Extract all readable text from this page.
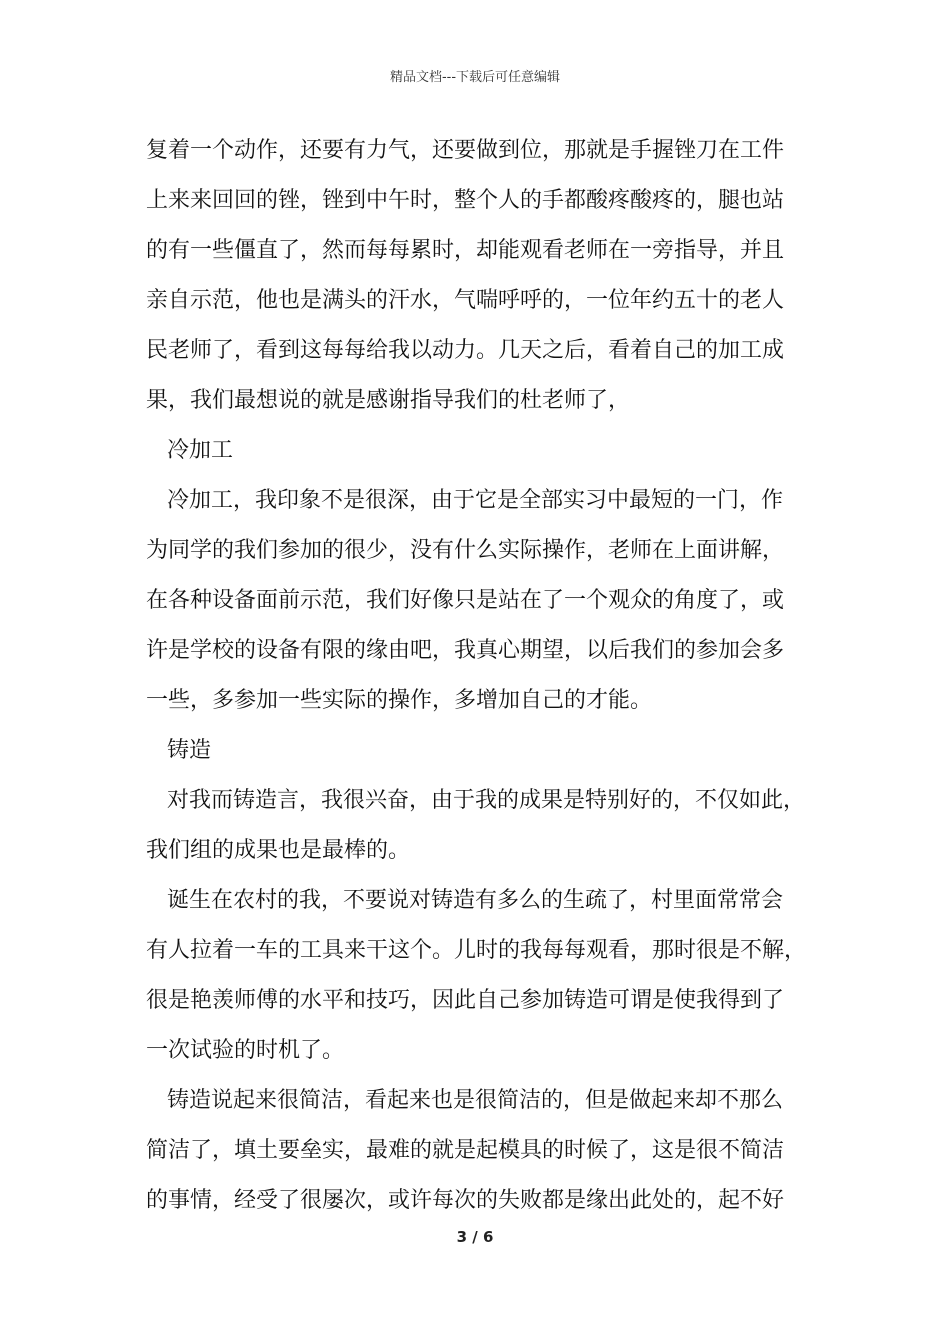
精品文档---下载后可任意编辑
复着一个动作，还要有力气，还要做到位，那就是手握锉刀在工件
上来来回回的锉，锉到中午时，整个人的手都酸疼酸疼的，腿也站
的有一些僵直了，然而每每累时，却能观看老师在一旁指导，并且
亲自示范，他也是满头的汗水，气喘呼呼的，一位年约五十的老人
民老师了，看到这每每给我以动力。几天之后，看着自己的加工成
果，我们最想说的就是感谢指导我们的杜老师了，
冷加工
冷加工，我印象不是很深，由于它是全部实习中最短的一门，作
为同学的我们参加的很少，没有什么实际操作，老师在上面讲解，
在各种设备面前示范，我们好像只是站在了一个观众的角度了，或
许是学校的设备有限的缘由吧，我真心期望，以后我们的参加会多
一些，多参加一些实际的操作，多增加自己的才能。
铸造
对我而铸造言，我很兴奋，由于我的成果是特别好的，不仅如此，
我们组的成果也是最棒的。
诞生在农村的我，不要说对铸造有多么的生疏了，村里面常常会
有人拉着一车的工具来干这个。儿时的我每每观看，那时很是不解，
很是艳羡师傅的水平和技巧，因此自己参加铸造可谓是使我得到了
一次试验的时机了。
铸造说起来很简洁，看起来也是很简洁的，但是做起来却不那么
简洁了，填土要垒实，最难的就是起模具的时候了，这是很不简洁
的事情，经受了很屡次，或许每次的失败都是缘出此处的，起不好
3 / 6
